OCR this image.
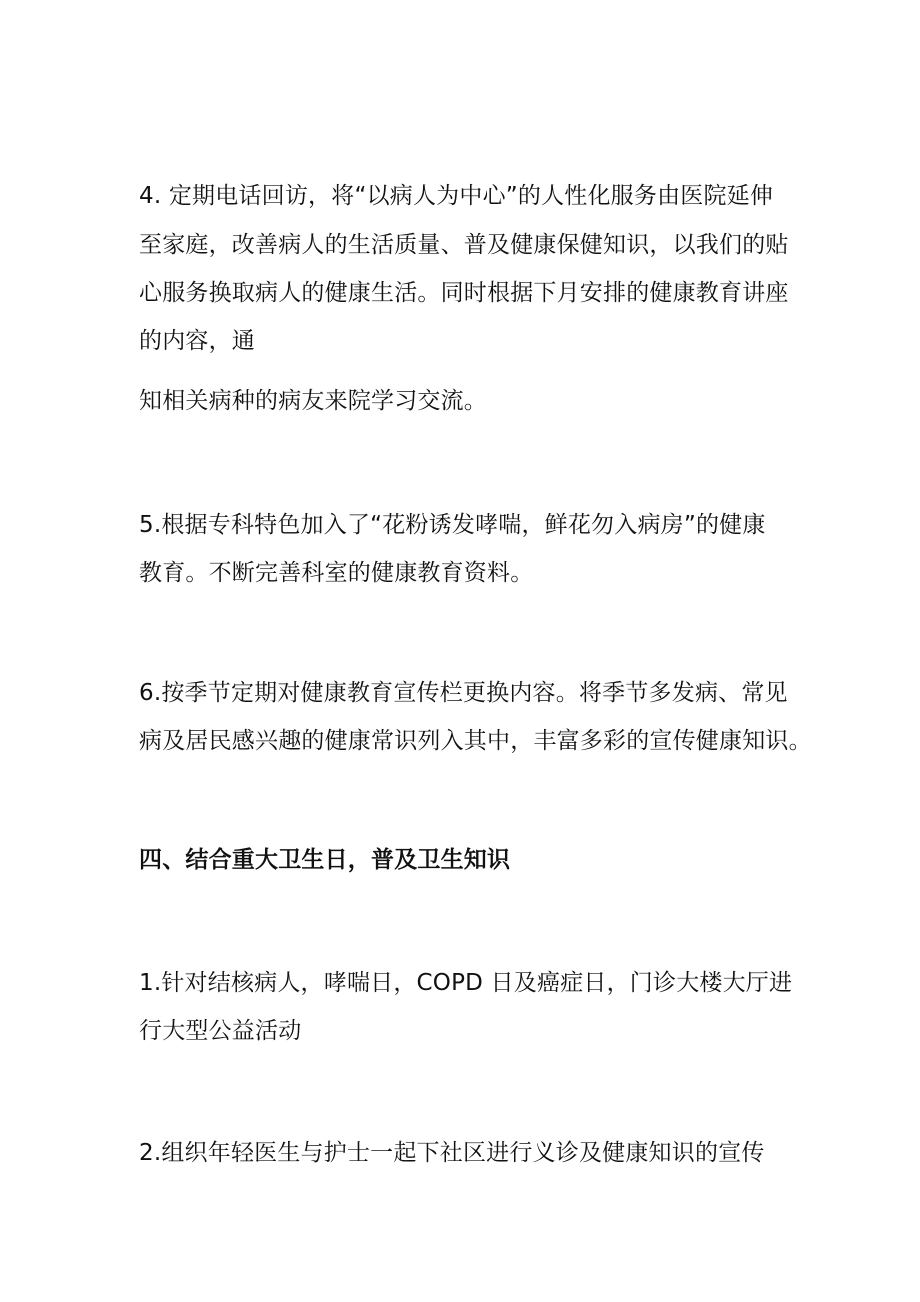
4. 定期电话回访，将“以病人为中心”的人性化服务由医院延伸
至家庭，改善病人的生活质量、普及健康保健知识，以我们的贴
心服务换取病人的健康生活。同时根据下月安排的健康教育讲座
的内容，通
知相关病种的病友来院学习交流。
5.根据专科特色加入了“花粉诱发哮喘，鲜花勿入病房”的健康
教育。不断完善科室的健康教育资料。
6.按季节定期对健康教育宣传栏更换内容。将季节多发病、常见
病及居民感兴趣的健康常识列入其中，丰富多彩的宣传健康知识。
四、结合重大卫生日，普及卫生知识
1.针对结核病人，哮喘日，COPD 日及癌症日，门诊大楼大厅进
行大型公益活动
2.组织年轻医生与护士一起下社区进行义诊及健康知识的宣传
